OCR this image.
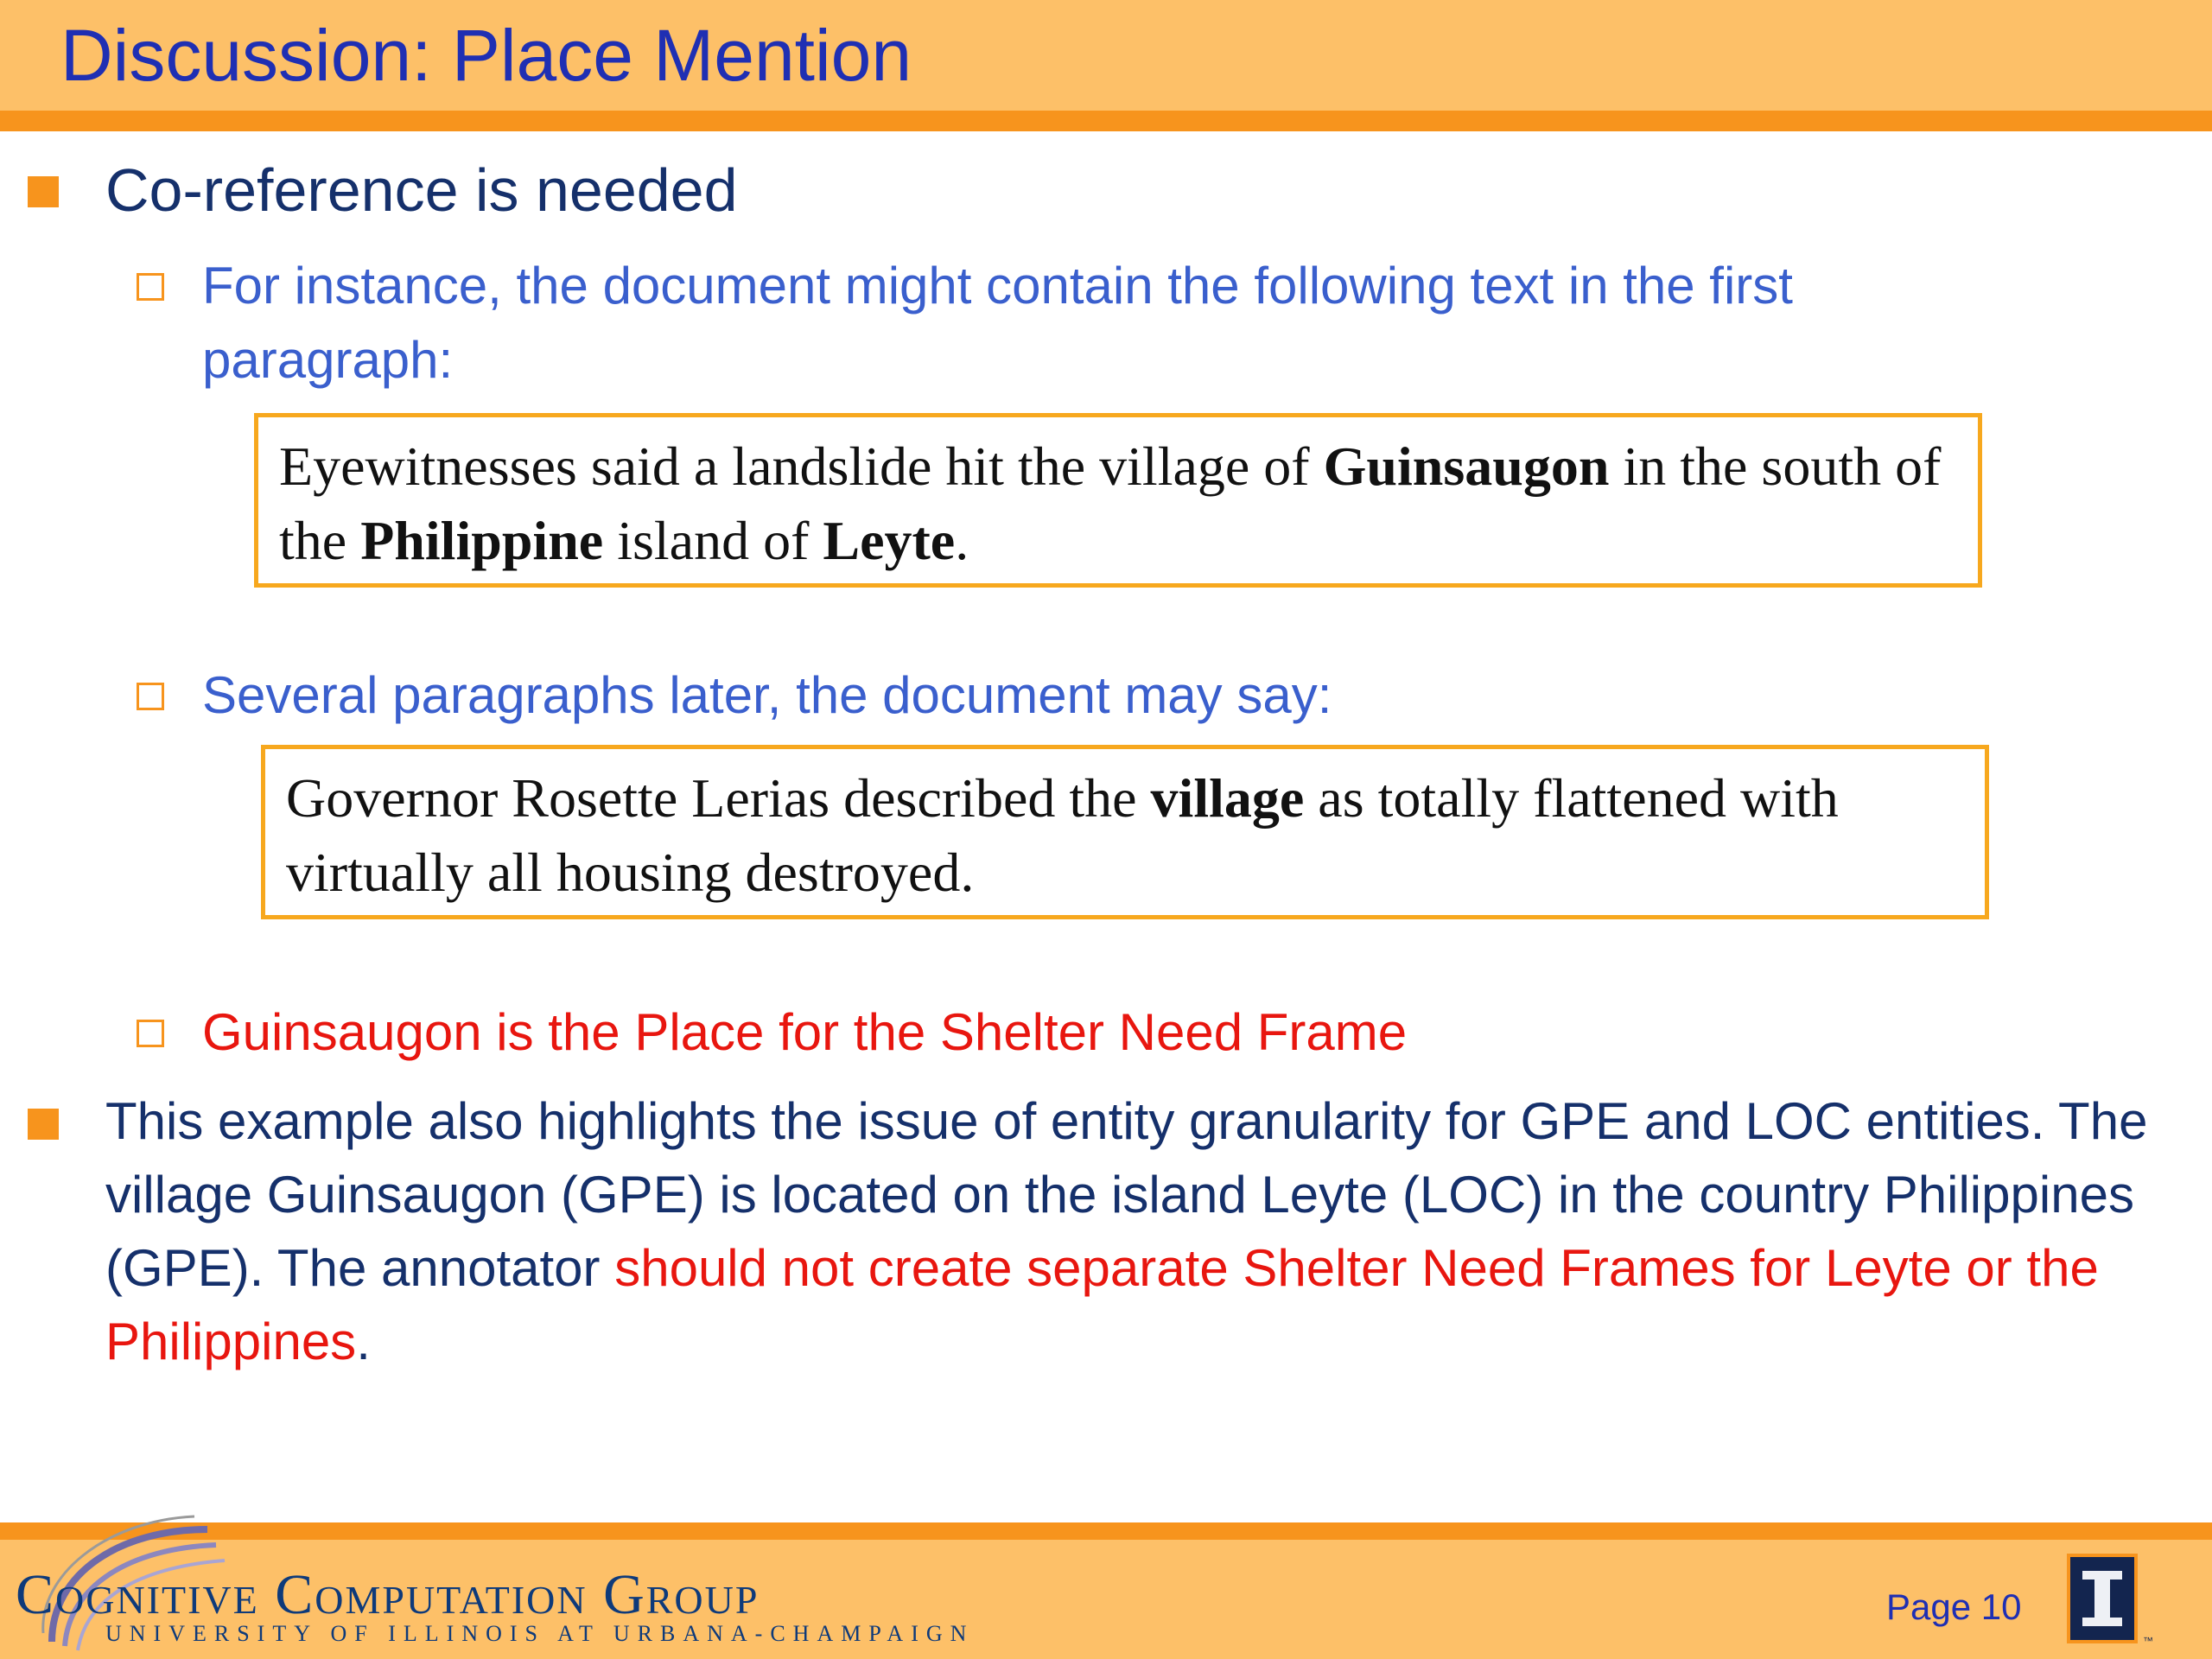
Discussion: Place Mention
Co-reference is needed
For instance, the document might contain the following text in the first paragraph:
Eyewitnesses said a landslide hit the village of Guinsaugon in the south of the Philippine island of Leyte.
Several paragraphs later, the document may say:
Governor Rosette Lerias described the village as totally flattened with virtually all housing destroyed.
Guinsaugon is the Place for the Shelter Need Frame
This example also highlights the issue of entity granularity for GPE and LOC entities. The village Guinsaugon (GPE) is located on the island Leyte (LOC) in the country Philippines (GPE). The annotator should not create separate Shelter Need Frames for Leyte or the Philippines.
Cognitive Computation Group
UNIVERSITY OF ILLINOIS AT URBANA-CHAMPAIGN
Page 10
™
